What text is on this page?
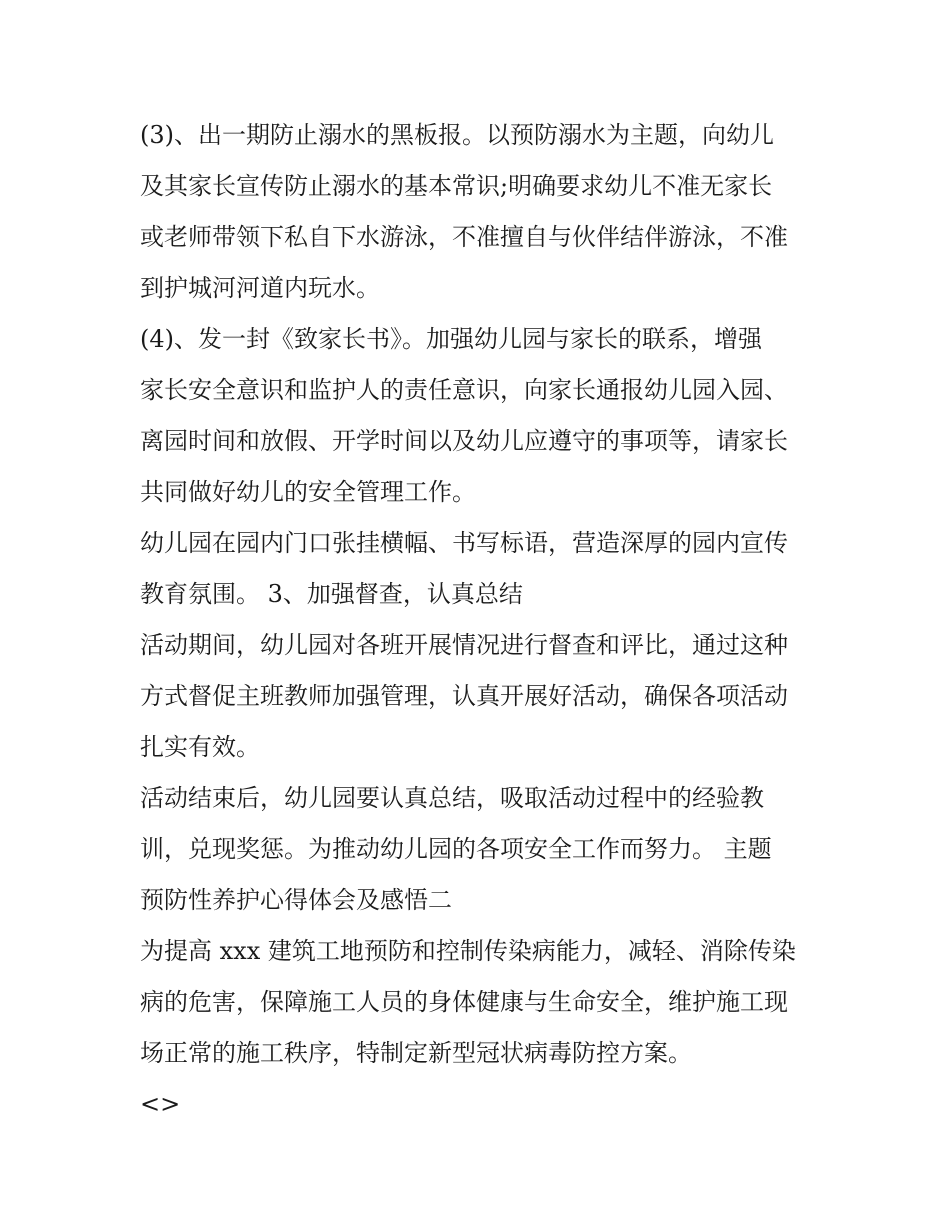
(3)、出一期防止溺水的黑板报。以预防溺水为主题，向幼儿
及其家长宣传防止溺水的基本常识;明确要求幼儿不准无家长
或老师带领下私自下水游泳，不准擅自与伙伴结伴游泳，不准
到护城河河道内玩水。
(4)、发一封《致家长书》。加强幼儿园与家长的联系，增强
家长安全意识和监护人的责任意识，向家长通报幼儿园入园、
离园时间和放假、开学时间以及幼儿应遵守的事项等，请家长
共同做好幼儿的安全管理工作。
幼儿园在园内门口张挂横幅、书写标语，营造深厚的园内宣传
教育氛围。 3、加强督查，认真总结
活动期间，幼儿园对各班开展情况进行督查和评比，通过这种
方式督促主班教师加强管理，认真开展好活动，确保各项活动
扎实有效。
活动结束后，幼儿园要认真总结，吸取活动过程中的经验教
训，兑现奖惩。为推动幼儿园的各项安全工作而努力。 主题
预防性养护心得体会及感悟二
为提高 xxx 建筑工地预防和控制传染病能力，减轻、消除传染
病的危害，保障施工人员的身体健康与生命安全，维护施工现
场正常的施工秩序，特制定新型冠状病毒防控方案。
<>
